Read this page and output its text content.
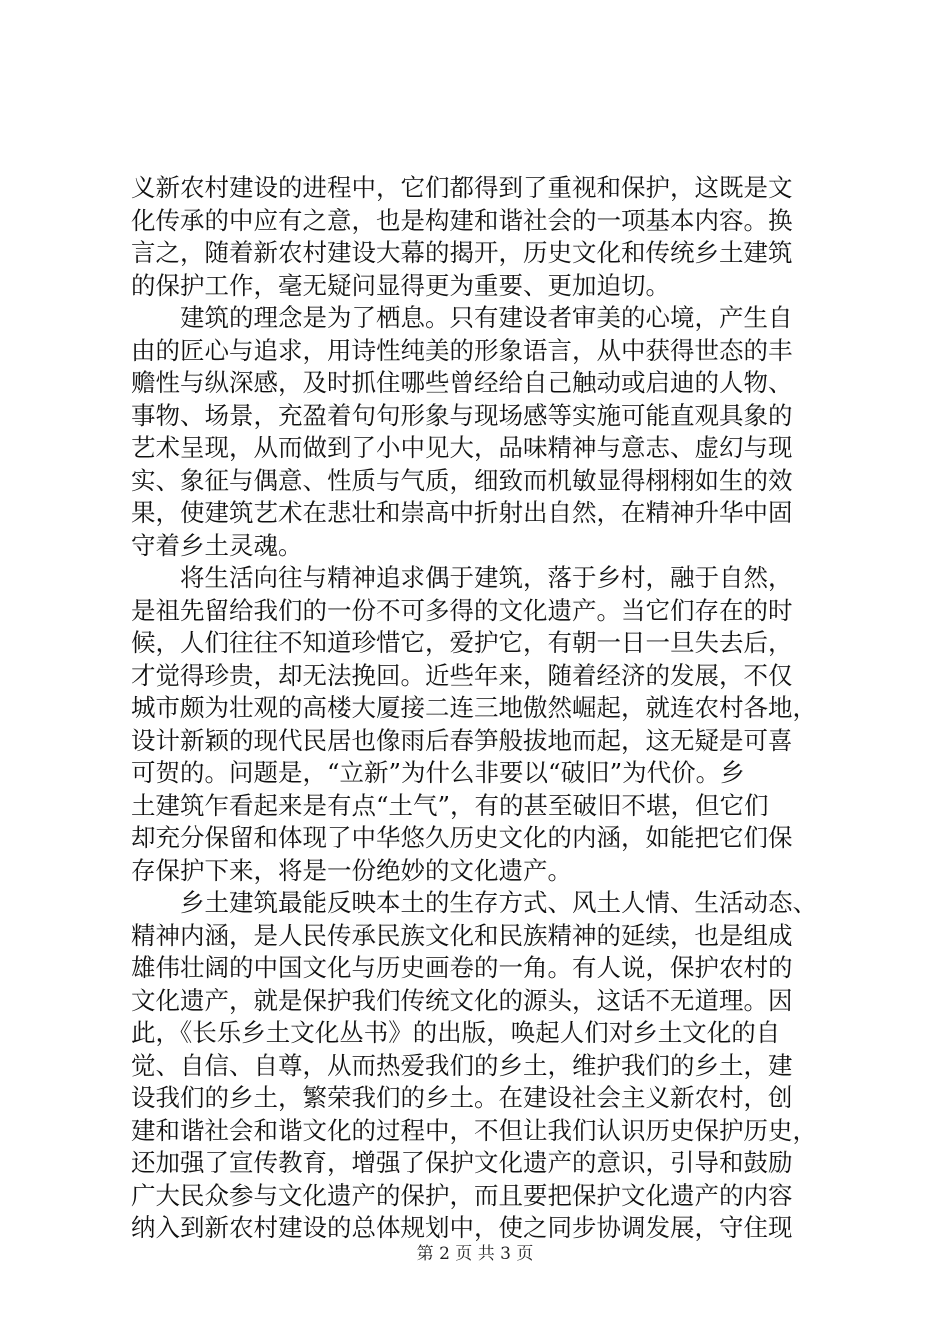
义新农村建设的进程中，它们都得到了重视和保护，这既是文
化传承的中应有之意，也是构建和谐社会的一项基本内容。换
言之，随着新农村建设大幕的揭开，历史文化和传统乡土建筑
的保护工作，毫无疑问显得更为重要、更加迫切。
　　建筑的理念是为了栖息。只有建设者审美的心境，产生自
由的匠心与追求，用诗性纯美的形象语言，从中获得世态的丰
赡性与纵深感，及时抓住哪些曾经给自己触动或启迪的人物、
事物、场景，充盈着句句形象与现场感等实施可能直观具象的
艺术呈现，从而做到了小中见大，品味精神与意志、虚幻与现
实、象征与偶意、性质与气质，细致而机敏显得栩栩如生的效
果，使建筑艺术在悲壮和崇高中折射出自然，在精神升华中固
守着乡土灵魂。
　　将生活向往与精神追求偶于建筑，落于乡村，融于自然，
是祖先留给我们的一份不可多得的文化遗产。当它们存在的时
候，人们往往不知道珍惜它，爱护它，有朝一日一旦失去后，
才觉得珍贵，却无法挽回。近些年来，随着经济的发展，不仅
城市颇为壮观的高楼大厦接二连三地傲然崛起，就连农村各地，
设计新颖的现代民居也像雨后春笋般拔地而起，这无疑是可喜
可贺的。问题是，“立新”为什么非要以“破旧”为代价。乡
土建筑乍看起来是有点“土气”，有的甚至破旧不堪，但它们
却充分保留和体现了中华悠久历史文化的内涵，如能把它们保
存保护下来，将是一份绝妙的文化遗产。
　　乡土建筑最能反映本土的生存方式、风土人情、生活动态、
精神内涵，是人民传承民族文化和民族精神的延续，也是组成
雄伟壮阔的中国文化与历史画卷的一角。有人说，保护农村的
文化遗产，就是保护我们传统文化的源头，这话不无道理。因
此，《长乐乡土文化丛书》的出版，唤起人们对乡土文化的自
觉、自信、自尊，从而热爱我们的乡土，维护我们的乡土，建
设我们的乡土，繁荣我们的乡土。在建设社会主义新农村，创
建和谐社会和谐文化的过程中，不但让我们认识历史保护历史，
还加强了宣传教育，增强了保护文化遗产的意识，引导和鼓励
广大民众参与文化遗产的保护，而且要把保护文化遗产的内容
纳入到新农村建设的总体规划中，使之同步协调发展，守住现
第 2 页 共 3 页
